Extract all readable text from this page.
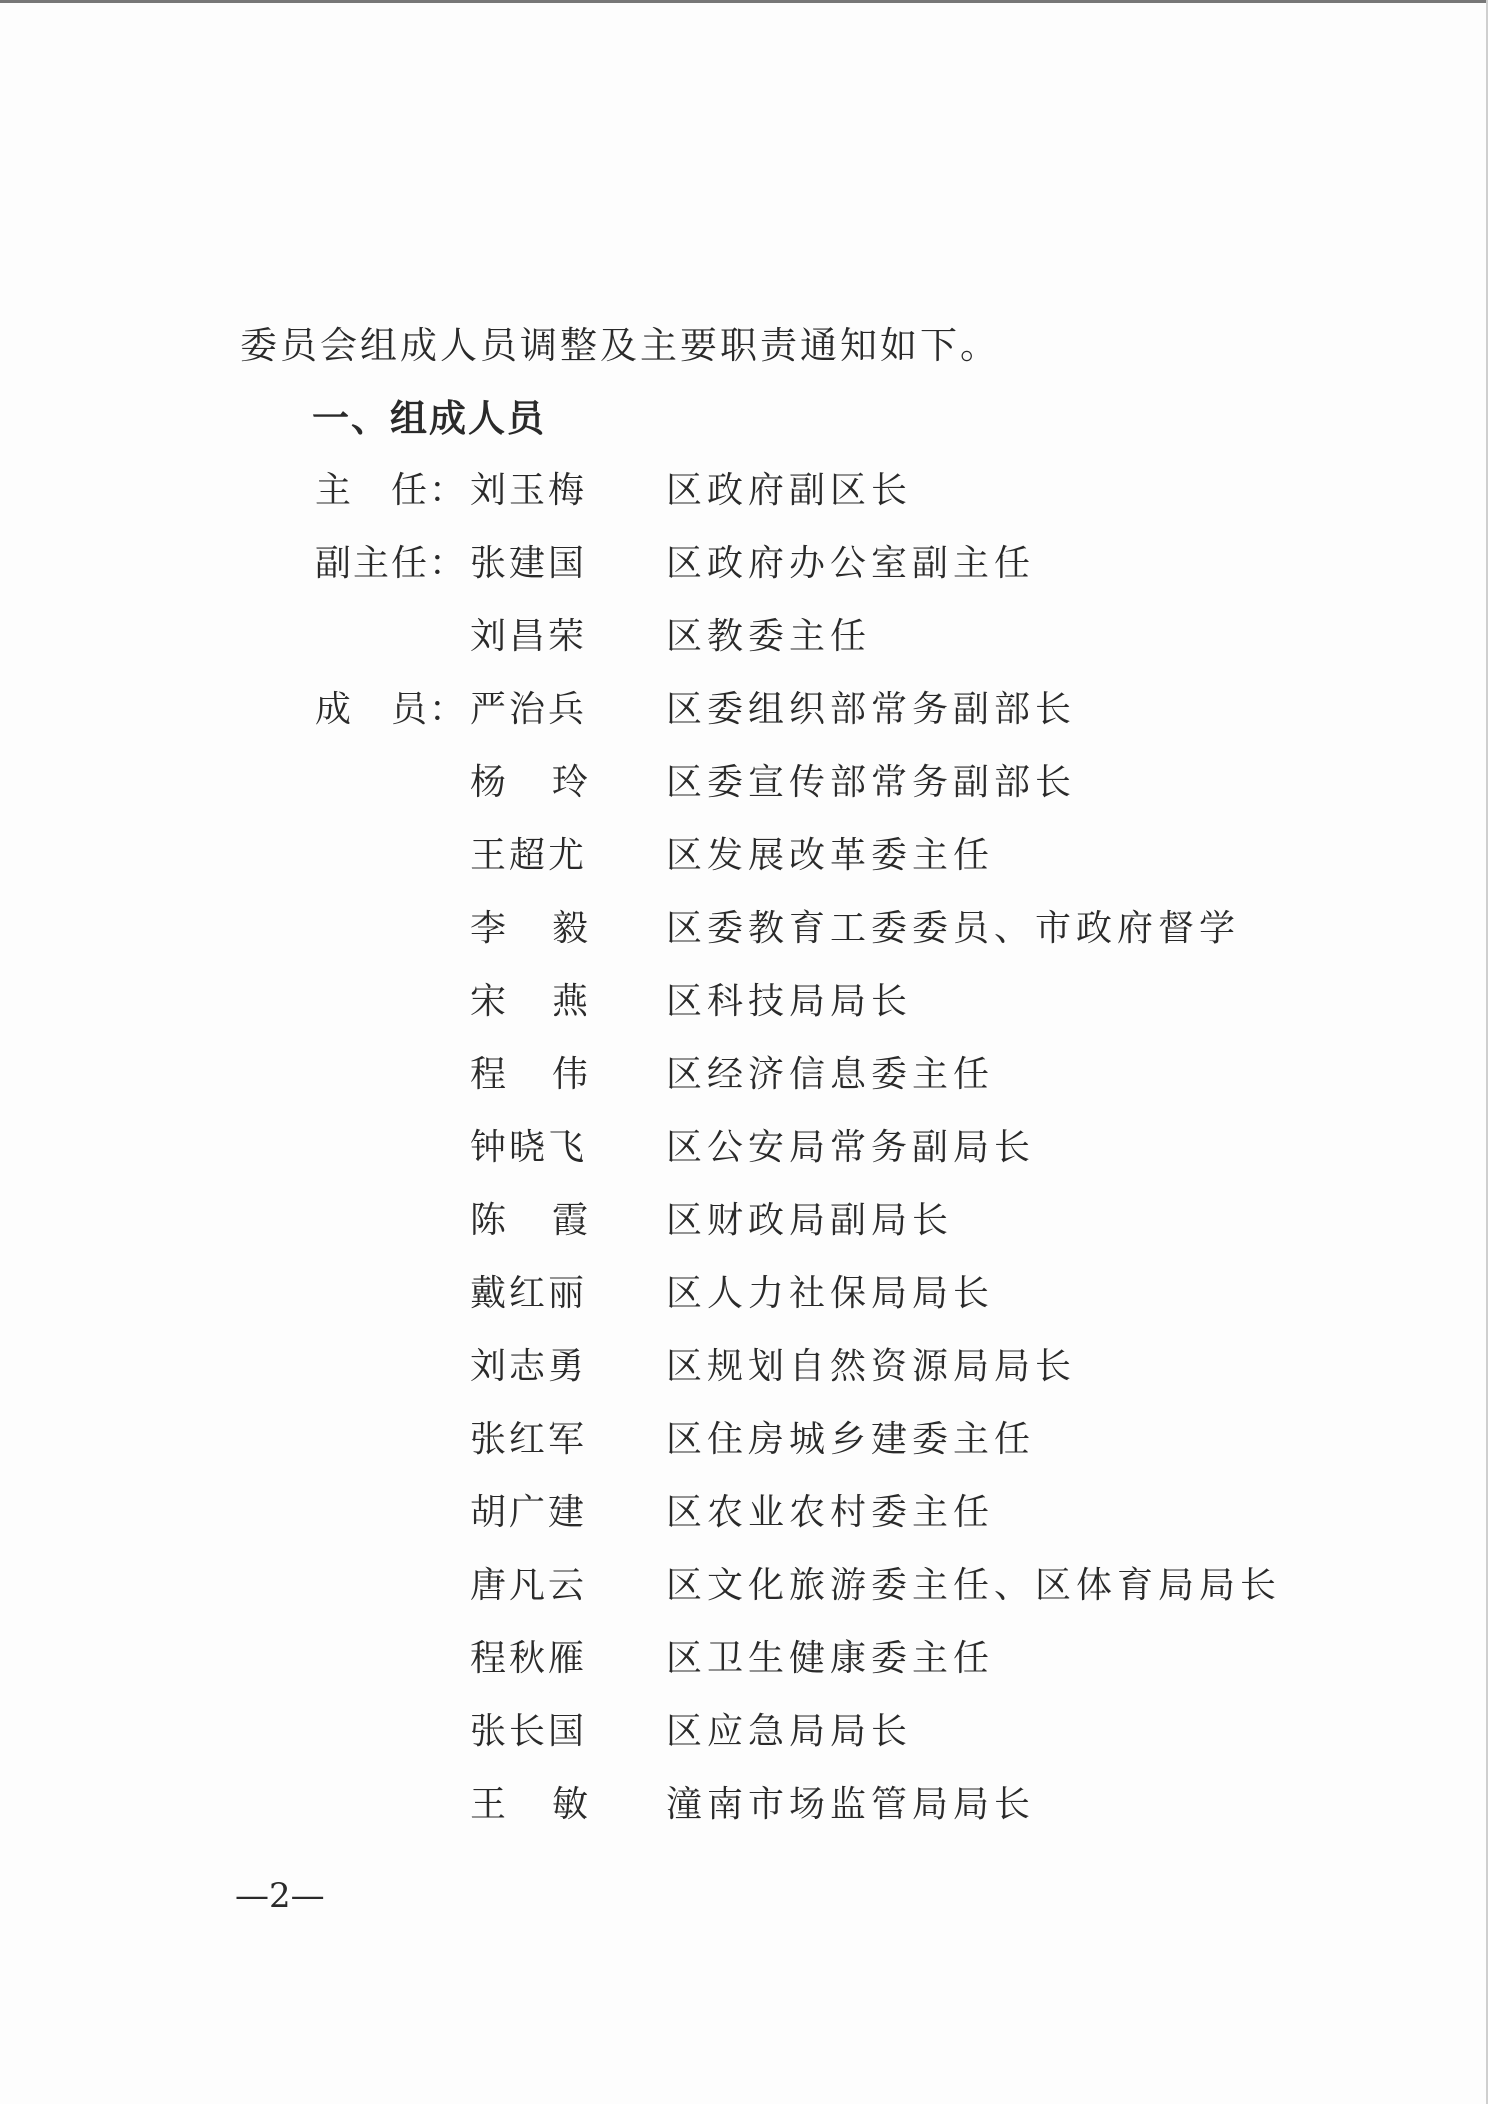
委员会组成人员调整及主要职责通知如下。
一、组成人员
主　任： 刘玉梅 区政府副区长
副主任： 张建国 区政府办公室副主任
刘昌荣 区教委主任
成　员： 严治兵 区委组织部常务副部长
杨 玲 区委宣传部常务副部长
王超尤 区发展改革委主任
李 毅 区委教育工委委员、市政府督学
宋 燕 区科技局局长
程 伟 区经济信息委主任
钟晓飞 区公安局常务副局长
陈 霞 区财政局副局长
戴红丽 区人力社保局局长
刘志勇 区规划自然资源局局长
张红军 区住房城乡建委主任
胡广建 区农业农村委主任
唐凡云 区文化旅游委主任、区体育局局长
程秋雁 区卫生健康委主任
张长国 区应急局局长
王 敏 潼南市场监管局局长
—2—
